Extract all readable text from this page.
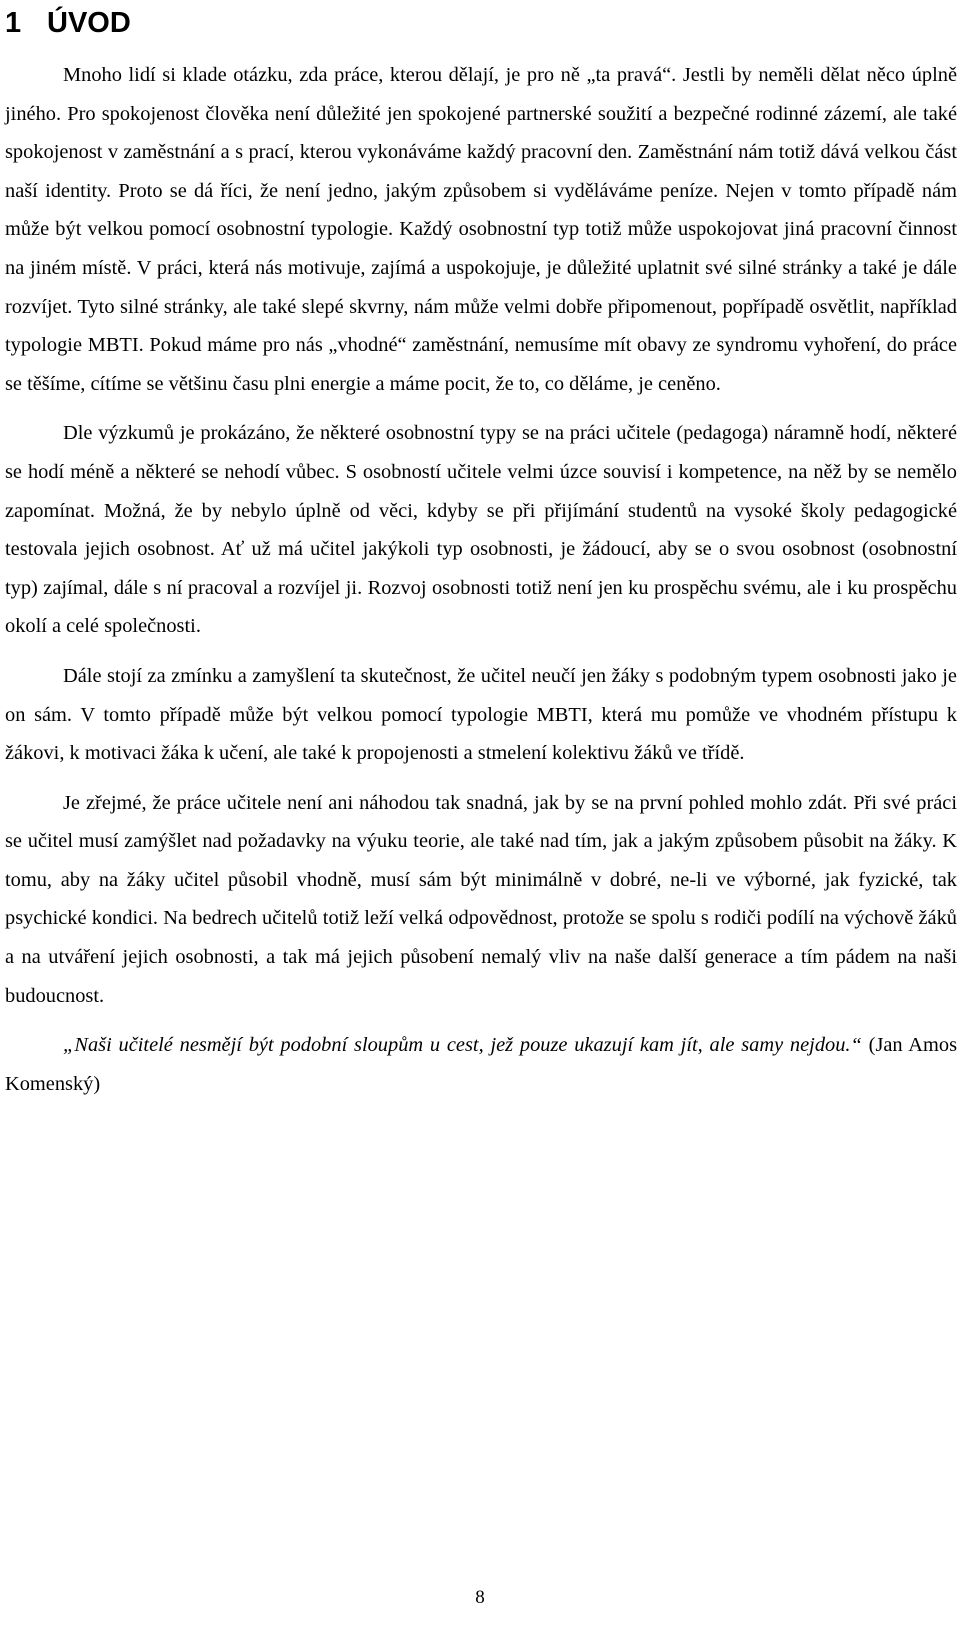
1 ÚVOD

Mnoho lidí si klade otázku, zda práce, kterou dělají, je pro ně „ta pravá“. Jestli by neměli dělat něco úplně jiného. Pro spokojenost člověka není důležité jen spokojené partnerské soužití a bezpečné rodinné zázemí, ale také spokojenost v zaměstnání a s prací, kterou vykonáváme každý pracovní den. Zaměstnání nám totiž dává velkou část naší identity. Proto se dá říci, že není jedno, jakým způsobem si vyděláváme peníze. Nejen v tomto případě nám může být velkou pomocí osobnostní typologie. Každý osobnostní typ totiž může uspokojovat jiná pracovní činnost na jiném místě. V práci, která nás motivuje, zajímá a uspokojuje, je důležité uplatnit své silné stránky a také je dále rozvíjet. Tyto silné stránky, ale také slepé skvrny, nám může velmi dobře připomenout, popřípadě osvětlit, například typologie MBTI. Pokud máme pro nás „vhodné“ zaměstnání, nemusíme mít obavy ze syndromu vyhoření, do práce se těšíme, cítíme se většinu času plni energie a máme pocit, že to, co děláme, je ceněno.

Dle výzkumů je prokázáno, že některé osobnostní typy se na práci učitele (pedagoga) náramně hodí, některé se hodí méně a některé se nehodí vůbec. S osobností učitele velmi úzce souvisí i kompetence, na něž by se nemělo zapomínat. Možná, že by nebylo úplně od věci, kdyby se při přijímání studentů na vysoké školy pedagogické testovala jejich osobnost. Ať už má učitel jakýkoli typ osobnosti, je žádoucí, aby se o svou osobnost (osobnostní typ) zajímal, dále s ní pracoval a rozvíjel ji. Rozvoj osobnosti totiž není jen ku prospěchu svému, ale i ku prospěchu okolí a celé společnosti.

Dále stojí za zmínku a zamyšlení ta skutečnost, že učitel neučí jen žáky s podobným typem osobnosti jako je on sám. V tomto případě může být velkou pomocí typologie MBTI, která mu pomůže ve vhodném přístupu k žákovi, k motivaci žáka k učení, ale také k propojenosti a stmelení kolektivu žáků ve třídě.

Je zřejmé, že práce učitele není ani náhodou tak snadná, jak by se na první pohled mohlo zdát. Při své práci se učitel musí zamýšlet nad požadavky na výuku teorie, ale také nad tím, jak a jakým způsobem působit na žáky. K tomu, aby na žáky učitel působil vhodně, musí sám být minimálně v dobré, ne-li ve výborné, jak fyzické, tak psychické kondici. Na bedrech učitelů totiž leží velká odpovědnost, protože se spolu s rodiči podílí na výchově žáků a na utváření jejich osobnosti, a tak má jejich působení nemalý vliv na naše další generace a tím pádem na naši budoucnost.

„Naši učitelé nesmějí být podobní sloupům u cest, jež pouze ukazují kam jít, ale samy nejdou.“ (Jan Amos Komenský)

8
